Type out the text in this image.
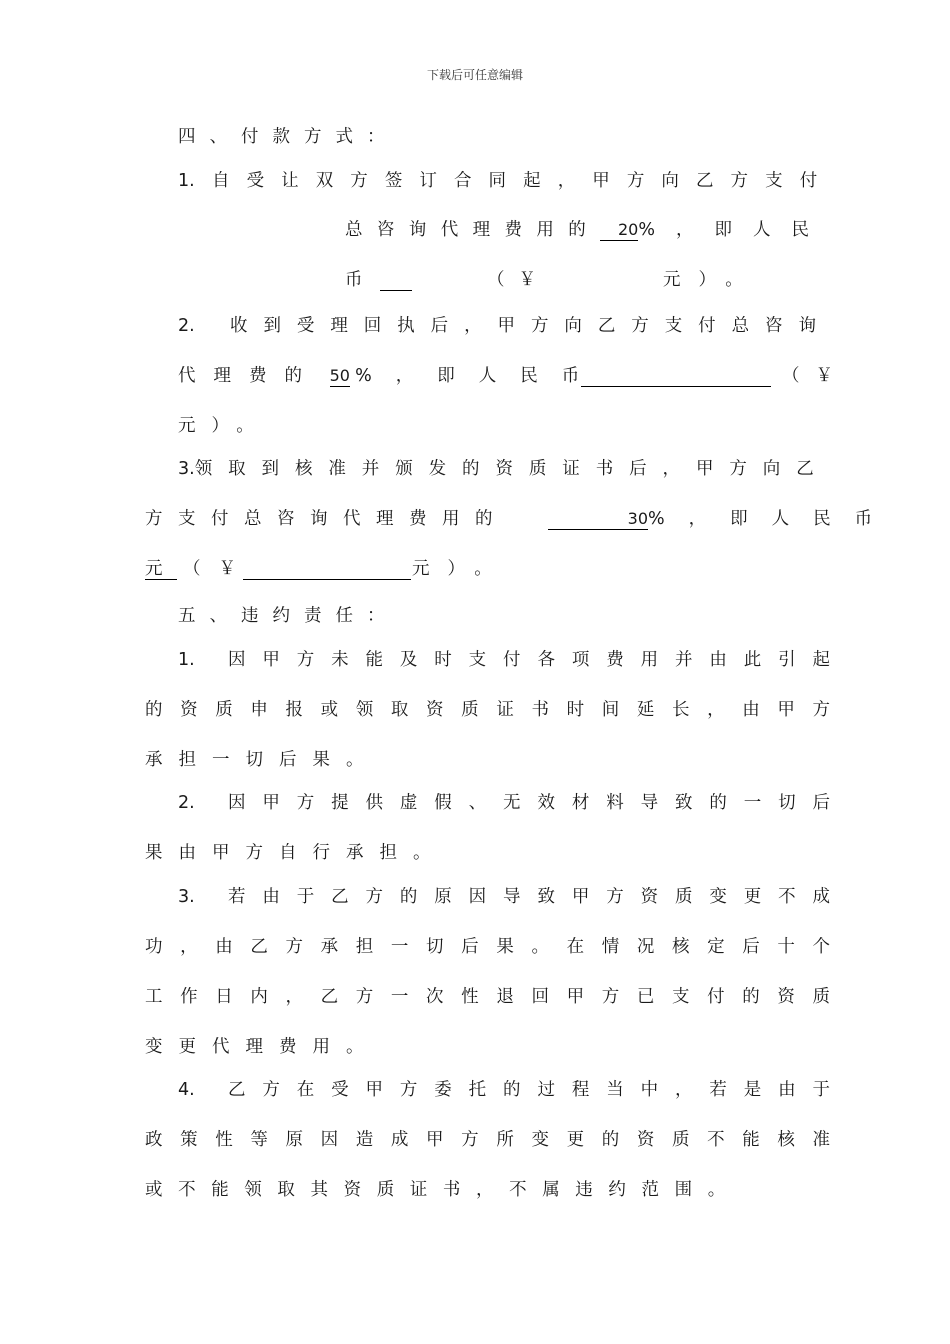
下载后可任意编辑
四、付款方式：
1. 自受让双方签订合同起，甲方向乙方支付
总咨询代理费用的	20 %，即人民
币	（￥	元）。
2. 收到受理回执后，甲方向乙方支付总咨询
代理费的 50 %，即人民币	（￥
元）。
3.领取到核准并颁发的资质证书后，甲方向乙
方支付总咨询代理费用的	30 %，即人民币
元 （￥	元）。
五、违约责任：
1. 因甲方未能及时支付各项费用并由此引起
的资质申报或领取资质证书时间延长，由甲方
承担一切后果。
2. 因甲方提供虚假、无效材料导致的一切后
果由甲方自行承担。
3. 若由于乙方的原因导致甲方资质变更不成
功，由乙方承担一切后果。在情况核定后十个
工作日内，乙方一次性退回甲方已支付的资质
变更代理费用。
4. 乙方在受甲方委托的过程当中，若是由于
政策性等原因造成甲方所变更的资质不能核准
或不能领取其资质证书，不属违约范围。
